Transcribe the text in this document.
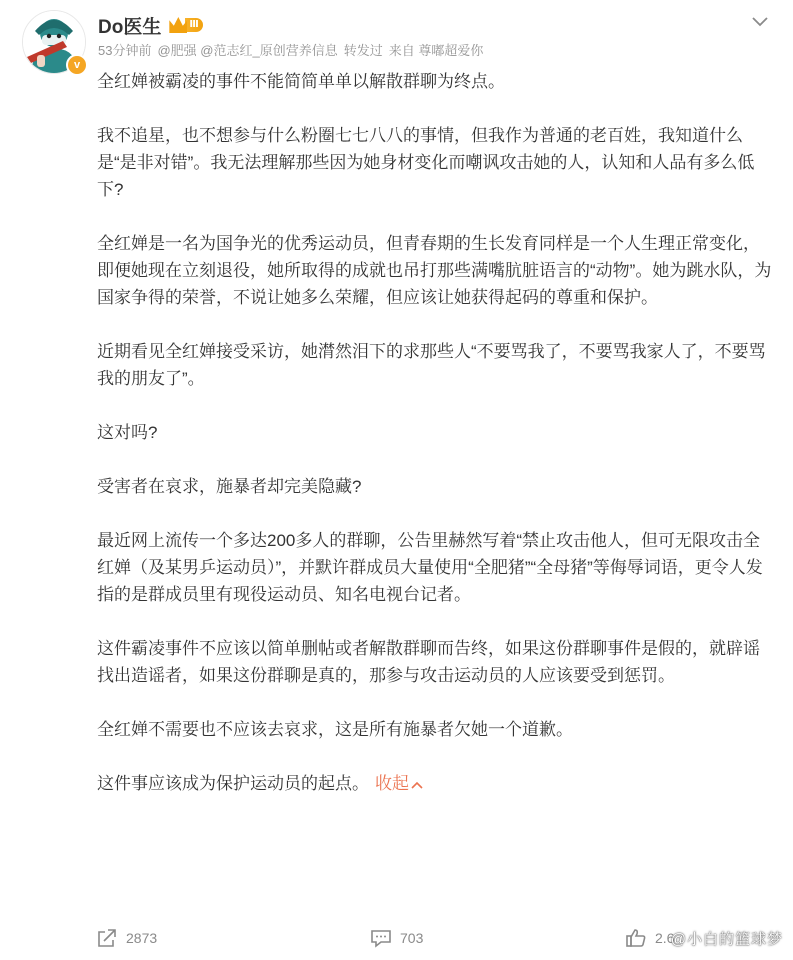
v
Do医生	Ⅲ
53分钟前 @肥强 @范志红_原创营养信息 转发过 来自 尊嘟超爱你

全红婵被霸凌的事件不能简简单单以解散群聊为终点。

我不追星，也不想参与什么粉圈七七八八的事情，但我作为普通的老百姓，我知道什么是“是非对错”。我无法理解那些因为她身材变化而嘲讽攻击她的人，认知和人品有多么低下?

全红婵是一名为国争光的优秀运动员，但青春期的生长发育同样是一个人生理正常变化，即便她现在立刻退役，她所取得的成就也吊打那些满嘴肮脏语言的“动物”。她为跳水队，为国家争得的荣誉，不说让她多么荣耀，但应该让她获得起码的尊重和保护。

近期看见全红婵接受采访，她潸然泪下的求那些人“不要骂我了，不要骂我家人了，不要骂我的朋友了”。

这对吗?

受害者在哀求，施暴者却完美隐藏?

最近网上流传一个多达200多人的群聊，公告里赫然写着“禁止攻击他人，但可无限攻击全红婵（及某男乒运动员）”，并默许群成员大量使用“全肥猪”“全母猪”等侮辱词语，更令人发指的是群成员里有现役运动员、知名电视台记者。

这件霸凌事件不应该以简单删帖或者解散群聊而告终，如果这份群聊事件是假的，就辟谣找出造谣者，如果这份群聊是真的，那参与攻击运动员的人应该要受到惩罚。

全红婵不需要也不应该去哀求，这是所有施暴者欠她一个道歉。

这件事应该成为保护运动员的起点。 收起

2873	703	2.6
@小白的篮球梦
